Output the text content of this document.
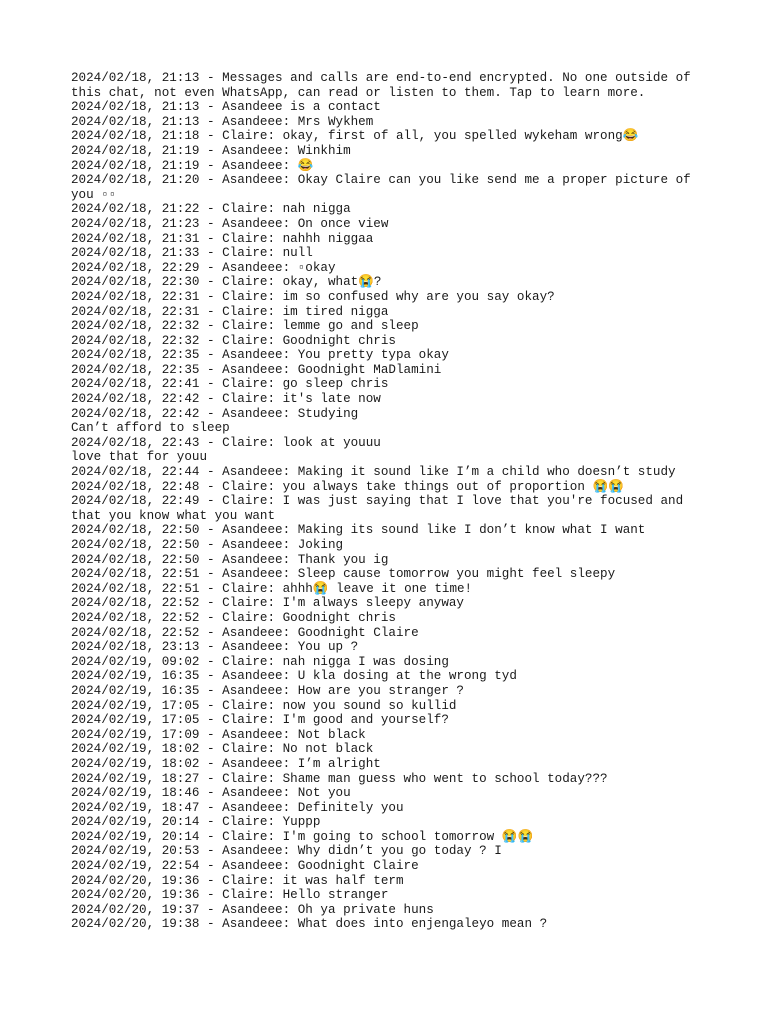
2024/02/18, 21:13 - Messages and calls are end-to-end encrypted. No one outside of this chat, not even WhatsApp, can read or listen to them. Tap to learn more.
2024/02/18, 21:13 - Asandeee is a contact
2024/02/18, 21:13 - Asandeee: Mrs Wykhem
2024/02/18, 21:18 - Claire: okay, first of all, you spelled wykeham wrong😂
2024/02/18, 21:19 - Asandeee: Winkhim
2024/02/18, 21:19 - Asandeee: 😂
2024/02/18, 21:20 - Asandeee: Okay Claire can you like send me a proper picture of you ▫▫
2024/02/18, 21:22 - Claire: nah nigga
2024/02/18, 21:23 - Asandeee: On once view
2024/02/18, 21:31 - Claire: nahhh niggaa
2024/02/18, 21:33 - Claire: null
2024/02/18, 22:29 - Asandeee: ▫okay
2024/02/18, 22:30 - Claire: okay, what😭?
2024/02/18, 22:31 - Claire: im so confused why are you say okay?
2024/02/18, 22:31 - Claire: im tired nigga
2024/02/18, 22:32 - Claire: lemme go and sleep
2024/02/18, 22:32 - Claire: Goodnight chris
2024/02/18, 22:35 - Asandeee: You pretty typa okay
2024/02/18, 22:35 - Asandeee: Goodnight MaDlamini
2024/02/18, 22:41 - Claire: go sleep chris
2024/02/18, 22:42 - Claire: it's late now
2024/02/18, 22:42 - Asandeee: Studying
Can’t afford to sleep
2024/02/18, 22:43 - Claire: look at youuu
love that for youu
2024/02/18, 22:44 - Asandeee: Making it sound like I’m a child who doesn’t study
2024/02/18, 22:48 - Claire: you always take things out of proportion 😭😭
2024/02/18, 22:49 - Claire: I was just saying that I love that you're focused and that you know what you want
2024/02/18, 22:50 - Asandeee: Making its sound like I don’t know what I want
2024/02/18, 22:50 - Asandeee: Joking
2024/02/18, 22:50 - Asandeee: Thank you ig
2024/02/18, 22:51 - Asandeee: Sleep cause tomorrow you might feel sleepy
2024/02/18, 22:51 - Claire: ahhh😭 leave it one time!
2024/02/18, 22:52 - Claire: I'm always sleepy anyway
2024/02/18, 22:52 - Claire: Goodnight chris
2024/02/18, 22:52 - Asandeee: Goodnight Claire
2024/02/18, 23:13 - Asandeee: You up ?
2024/02/19, 09:02 - Claire: nah nigga I was dosing
2024/02/19, 16:35 - Asandeee: U kla dosing at the wrong tyd
2024/02/19, 16:35 - Asandeee: How are you stranger ?
2024/02/19, 17:05 - Claire: now you sound so kullid
2024/02/19, 17:05 - Claire: I'm good and yourself?
2024/02/19, 17:09 - Asandeee: Not black
2024/02/19, 18:02 - Claire: No not black
2024/02/19, 18:02 - Asandeee: I’m alright
2024/02/19, 18:27 - Claire: Shame man guess who went to school today???
2024/02/19, 18:46 - Asandeee: Not you
2024/02/19, 18:47 - Asandeee: Definitely you
2024/02/19, 20:14 - Claire: Yuppp
2024/02/19, 20:14 - Claire: I'm going to school tomorrow 😭😭
2024/02/19, 20:53 - Asandeee: Why didn’t you go today ? I
2024/02/19, 22:54 - Asandeee: Goodnight Claire
2024/02/20, 19:36 - Claire: it was half term
2024/02/20, 19:36 - Claire: Hello stranger
2024/02/20, 19:37 - Asandeee: Oh ya private huns
2024/02/20, 19:38 - Asandeee: What does into enjengaleyo mean ?
